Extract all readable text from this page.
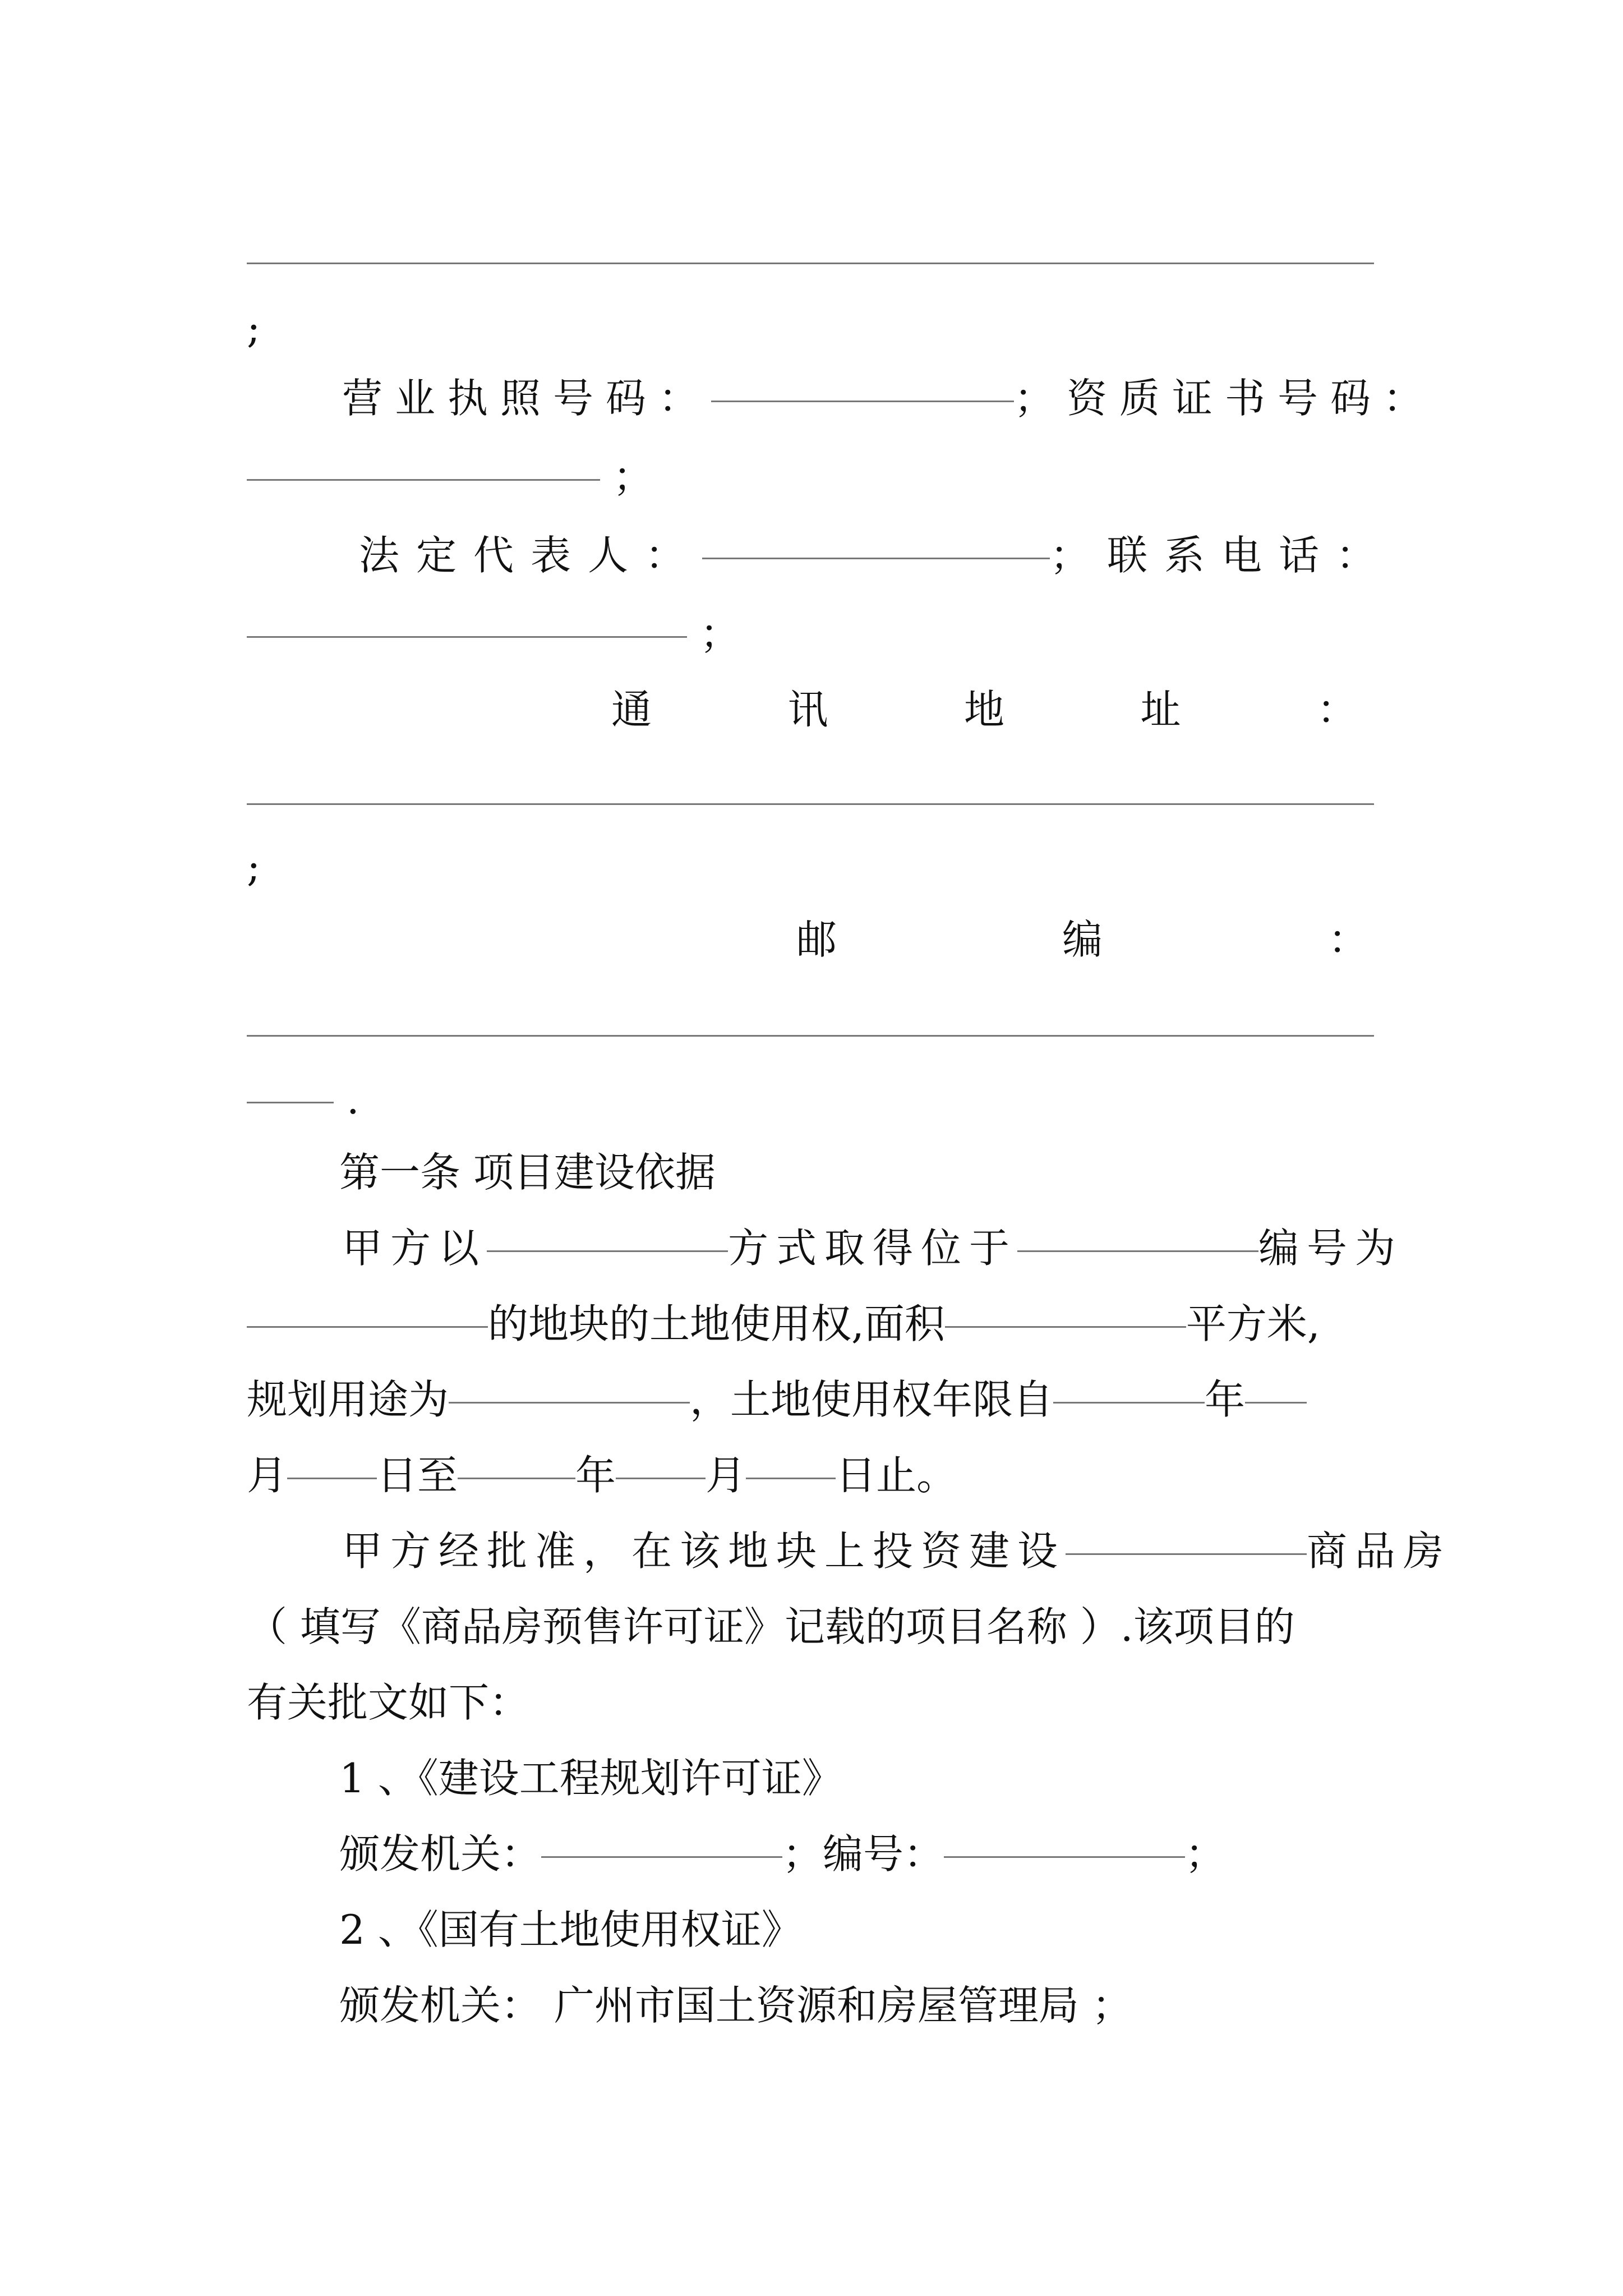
;
营业执照号码：	；资质证书号码：
；
法定代表人：	；联系电话：
；
通	讯	地	址	：
;
邮	编	：
.
第一条 项目建设依据
甲方以	方式取得位于	编号为
的地块的土地使用权,面积	平方米,
规划用途为	，土地使用权年限自	年
月 日至	年 月 日止。
甲方经批准，在该地块上投资建设	商品房
（ 填写《商品房预售许可证》记载的项目名称 ）.该项目的
有关批文如下：
1 、《建设工程规划许可证》
颁发机关：	；编号：	；
2 、《国有土地使用权证》
颁发机关： 广州市国土资源和房屋管理局 ；
